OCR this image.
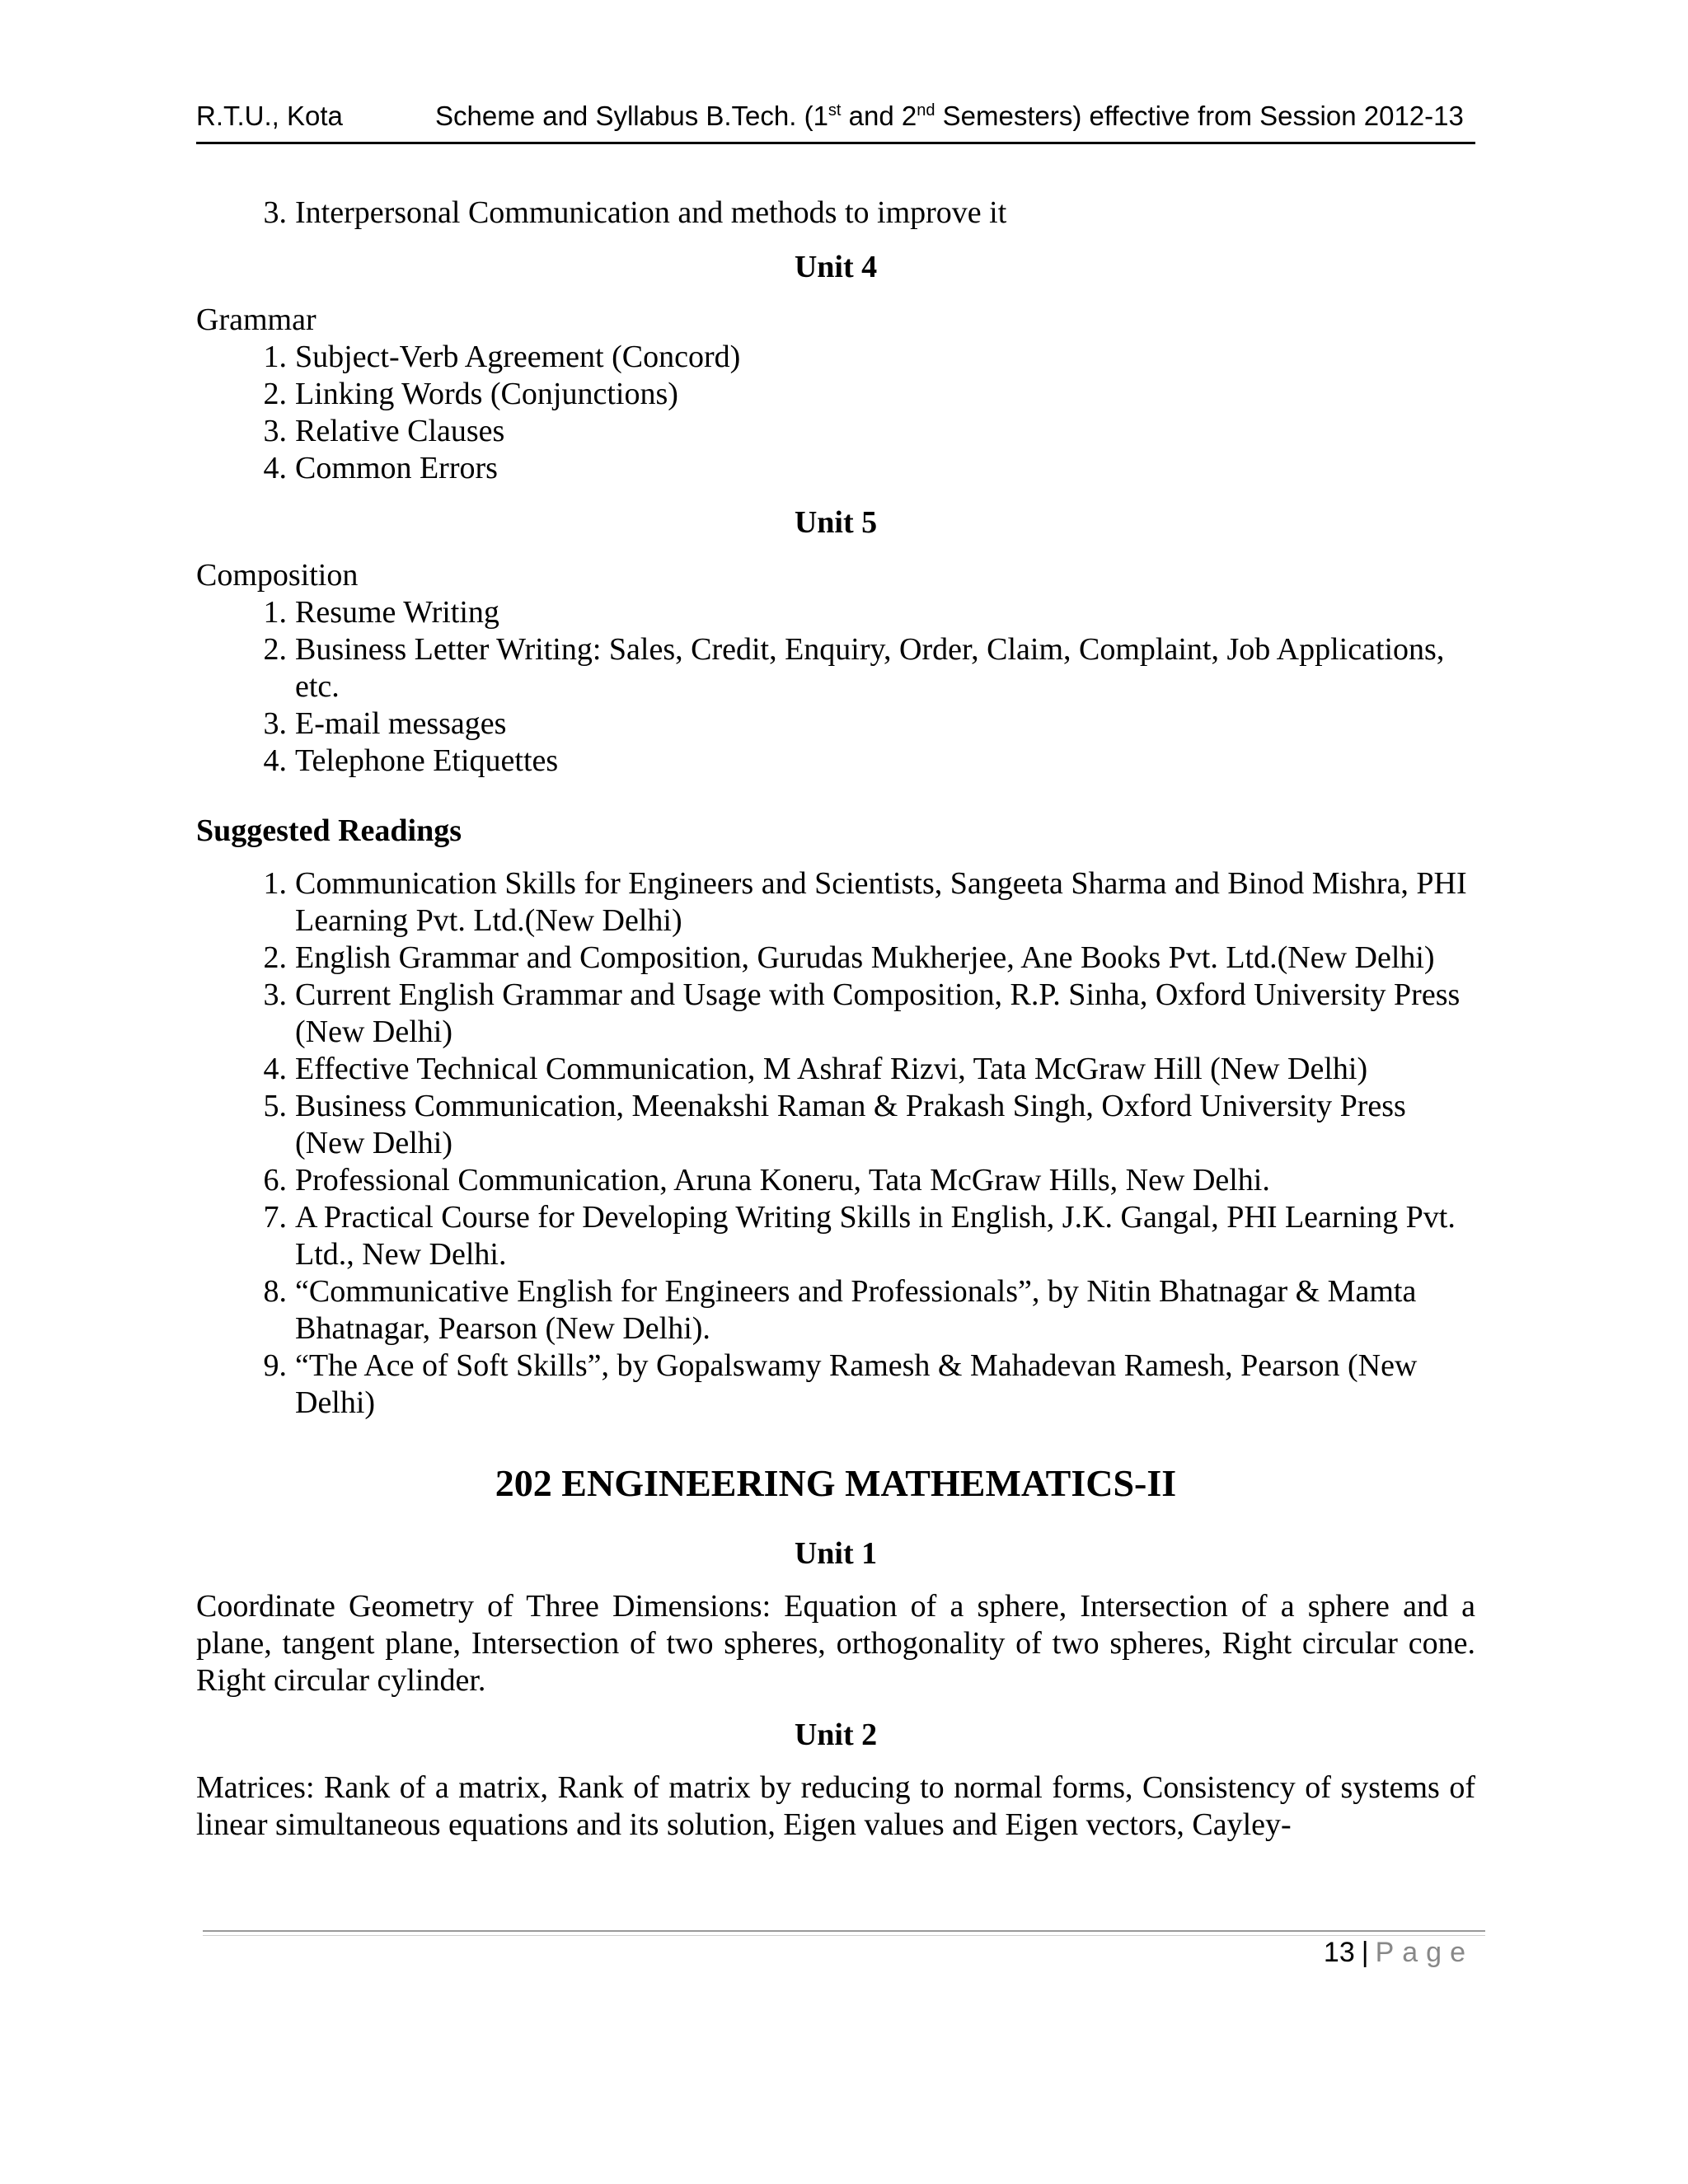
R.T.U., Kota	Scheme and Syllabus B.Tech. (1st and 2nd Semesters) effective from Session 2012-13
3. Interpersonal Communication and methods to improve it
Unit 4

Grammar

1. Subject-Verb Agreement (Concord)
2. Linking Words (Conjunctions)
3. Relative Clauses
4. Common Errors
Unit 5

Composition

1. Resume Writing
2. Business Letter Writing: Sales, Credit, Enquiry, Order, Claim, Complaint, Job Applications, etc.
3. E-mail messages
4. Telephone Etiquettes
Suggested Readings
1. Communication Skills for Engineers and Scientists, Sangeeta Sharma and Binod Mishra, PHI Learning Pvt. Ltd.(New Delhi)
2. English Grammar and Composition, Gurudas Mukherjee, Ane Books Pvt. Ltd.(New Delhi)
3. Current English Grammar and Usage with Composition, R.P. Sinha, Oxford University Press (New Delhi)
4. Effective Technical Communication, M Ashraf Rizvi, Tata McGraw Hill (New Delhi)
5. Business Communication, Meenakshi Raman & Prakash Singh, Oxford University Press (New Delhi)
6. Professional Communication, Aruna Koneru, Tata McGraw Hills, New Delhi.
7. A Practical Course for Developing Writing Skills in English, J.K. Gangal, PHI Learning Pvt. Ltd., New Delhi.
8. “Communicative English for Engineers and Professionals”, by Nitin Bhatnagar & Mamta Bhatnagar, Pearson (New Delhi).
9. “The Ace of Soft Skills”, by Gopalswamy Ramesh & Mahadevan Ramesh, Pearson (New Delhi)
202 ENGINEERING MATHEMATICS-II
Unit 1

Coordinate Geometry of Three Dimensions: Equation of a sphere, Intersection of a sphere and a plane, tangent plane, Intersection of two spheres, orthogonality of two spheres, Right circular cone. Right circular cylinder.

Unit 2

Matrices: Rank of a matrix, Rank of matrix by reducing to normal forms, Consistency of systems of linear simultaneous equations and its solution, Eigen values and Eigen vectors, Cayley-

13 | Page
